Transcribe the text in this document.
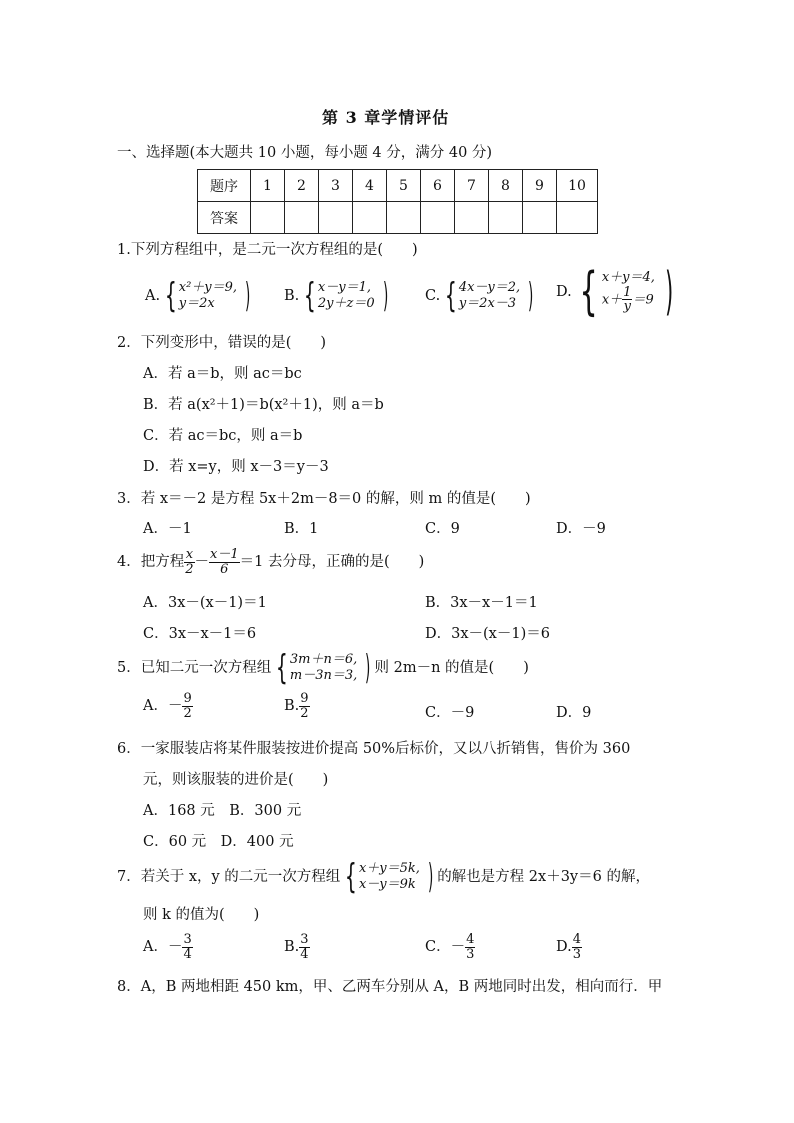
第 3 章学情评估
一、选择题(本大题共 10 小题，每小题 4 分，满分 40 分)
题序	1	2	3	4	5	6	7	8	9	10
答案										
1.下列方程组中，是二元一次方程组的是(　　)
A. { x²＋y＝9,
y＝2x ) B. { x－y＝1,
2y＋z＝0 )	C. { 4x－y＝2,
y＝2x－3 ) D. { x＋y＝4,
$x+ \frac{1}{y} =9$ )
2．下列变形中，错误的是(　　)
A．若 a＝b，则 ac＝bc
B．若 a(x²＋1)＝b(x²＋1)，则 a＝b
C．若 ac＝bc，则 a＝b
D．若 x=y，则 x－3＝y－3
3．若 x＝－2 是方程 5x＋2m－8＝0 的解，则 m 的值是(　　)
A．－1	B．1	C．9	D．－9
4．把方程 $\frac{x}{2} - \frac{x-1}{6} =1$ 去分母，正确的是(　　)
A．3x－(x－1)＝1	B．3x－x－1＝1
C．3x－x－1＝6	D．3x－(x－1)＝6
5．已知二元一次方程组 { 3m＋n＝6,
m－3n＝3, ) 则 2m－n 的值是(　　)
A．－ $\frac{9}{2}$	B. $\frac{9}{2}$	C．－9	D．9
6．一家服装店将某件服装按进价提高 50%后标价，又以八折销售，售价为 360
元，则该服装的进价是(　　)
A．168 元　B．300 元
C．60 元　D．400 元
7．若关于 x，y 的二元一次方程组 { x＋y＝5k,
x－y＝9k ) 的解也是方程 2x＋3y＝6 的解，
则 k 的值为(　　)
A．－ $\frac{3}{4}$	B. $\frac{3}{4}$	C．－ $\frac{4}{3}$	D. $\frac{4}{3}$
8．A，B 两地相距 450 km，甲、乙两车分别从 A，B 两地同时出发，相向而行．甲
